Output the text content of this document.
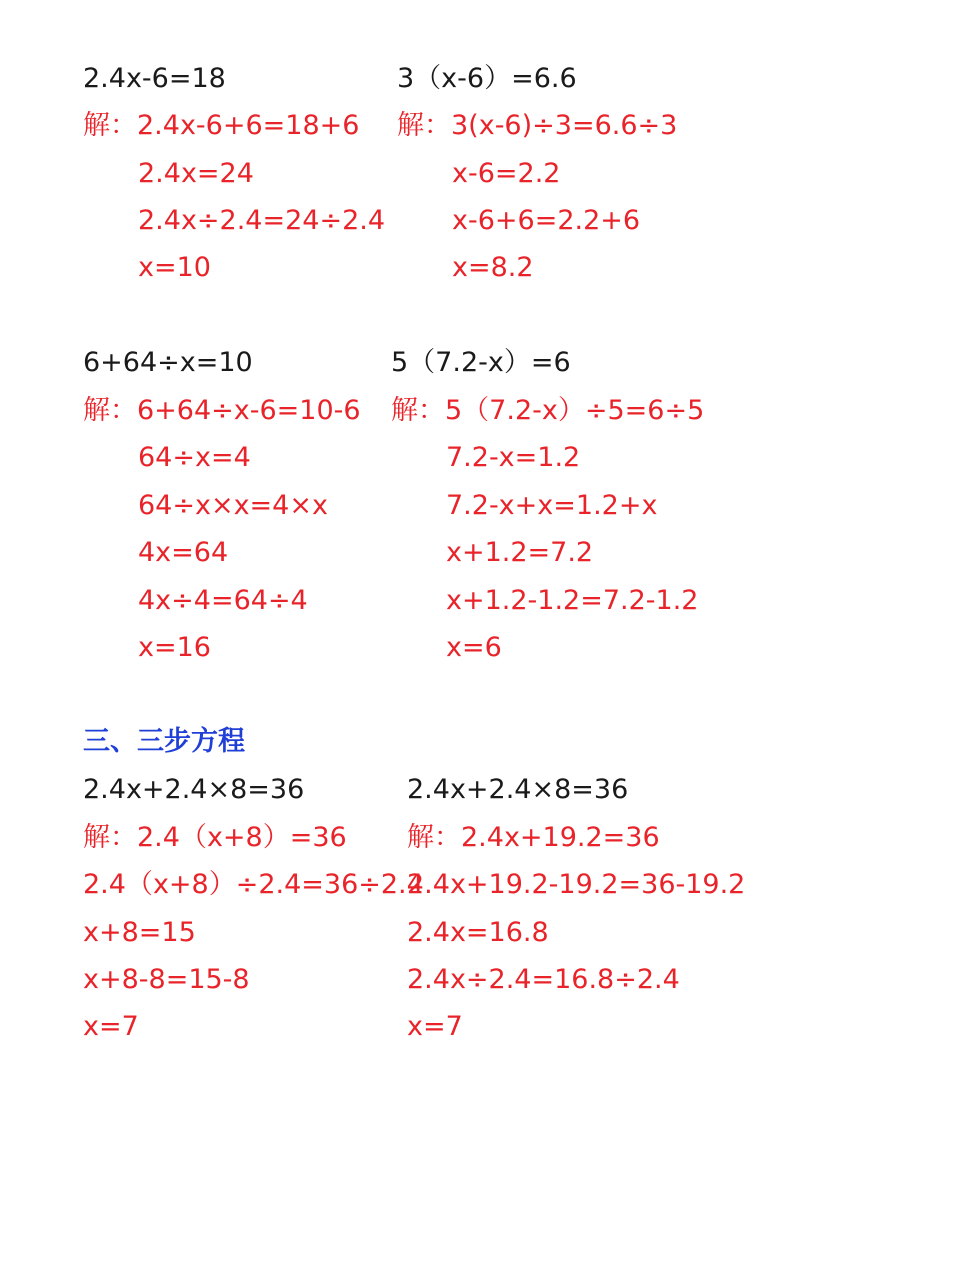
2.4x-6=18
解：2.4x-6+6=18+6
2.4x=24
2.4x÷2.4=24÷2.4
x=10
3（x-6）=6.6
解：3(x-6)÷3=6.6÷3
x-6=2.2
x-6+6=2.2+6
x=8.2
6+64÷x=10
解：6+64÷x-6=10-6
64÷x=4
64÷x×x=4×x
4x=64
4x÷4=64÷4
x=16
5（7.2-x）=6
解：5（7.2-x）÷5=6÷5
7.2-x=1.2
7.2-x+x=1.2+x
x+1.2=7.2
x+1.2-1.2=7.2-1.2
x=6
三、三步方程
2.4x+2.4×8=36
解：2.4（x+8）=36
2.4（x+8）÷2.4=36÷2.4
x+8=15
x+8-8=15-8
x=7
2.4x+2.4×8=36
解：2.4x+19.2=36
2.4x+19.2-19.2=36-19.2
2.4x=16.8
2.4x÷2.4=16.8÷2.4
x=7
